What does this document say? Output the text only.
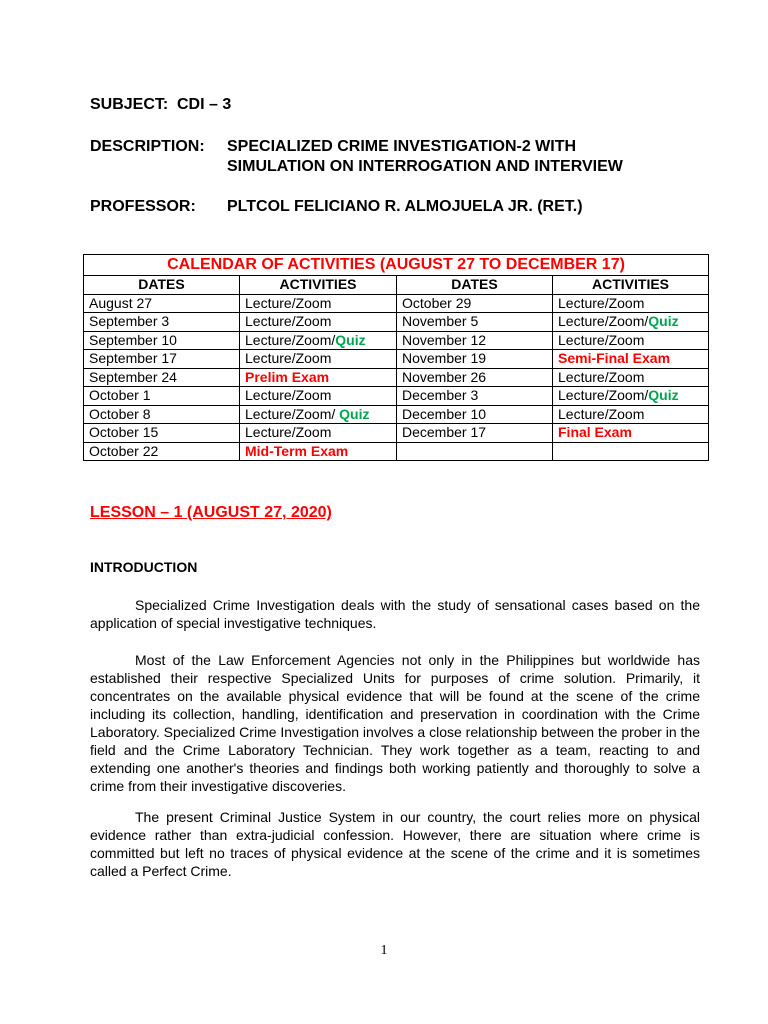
SUBJECT: CDI – 3
DESCRIPTION: SPECIALIZED CRIME INVESTIGATION-2 WITH
SIMULATION ON INTERROGATION AND INTERVIEW
PROFESSOR: PLTCOL FELICIANO R. ALMOJUELA JR. (RET.)
CALENDAR OF ACTIVITIES (AUGUST 27 TO DECEMBER 17)			
DATES	ACTIVITIES	DATES	ACTIVITIES
August 27	Lecture/Zoom	October 29	Lecture/Zoom
September 3	Lecture/Zoom	November 5	Lecture/Zoom/Quiz
September 10	Lecture/Zoom/Quiz	November 12	Lecture/Zoom
September 17	Lecture/Zoom	November 19	Semi-Final Exam
September 24	Prelim Exam	November 26	Lecture/Zoom
October 1	Lecture/Zoom	December 3	Lecture/Zoom/Quiz
October 8	Lecture/Zoom/ Quiz	December 10	Lecture/Zoom
October 15	Lecture/Zoom	December 17	Final Exam
October 22	Mid-Term Exam		
LESSON – 1 (AUGUST 27, 2020)
INTRODUCTION

Specialized Crime Investigation deals with the study of sensational cases based on the application of special investigative techniques.

Most of the Law Enforcement Agencies not only in the Philippines but worldwide has established their respective Specialized Units for purposes of crime solution. Primarily, it concentrates on the available physical evidence that will be found at the scene of the crime including its collection, handling, identification and preservation in coordination with the Crime Laboratory. Specialized Crime Investigation involves a close relationship between the prober in the field and the Crime Laboratory Technician. They work together as a team, reacting to and extending one another's theories and findings both working patiently and thoroughly to solve a crime from their investigative discoveries.

The present Criminal Justice System in our country, the court relies more on physical evidence rather than extra-judicial confession. However, there are situation where crime is committed but left no traces of physical evidence at the scene of the crime and it is sometimes called a Perfect Crime.

1
